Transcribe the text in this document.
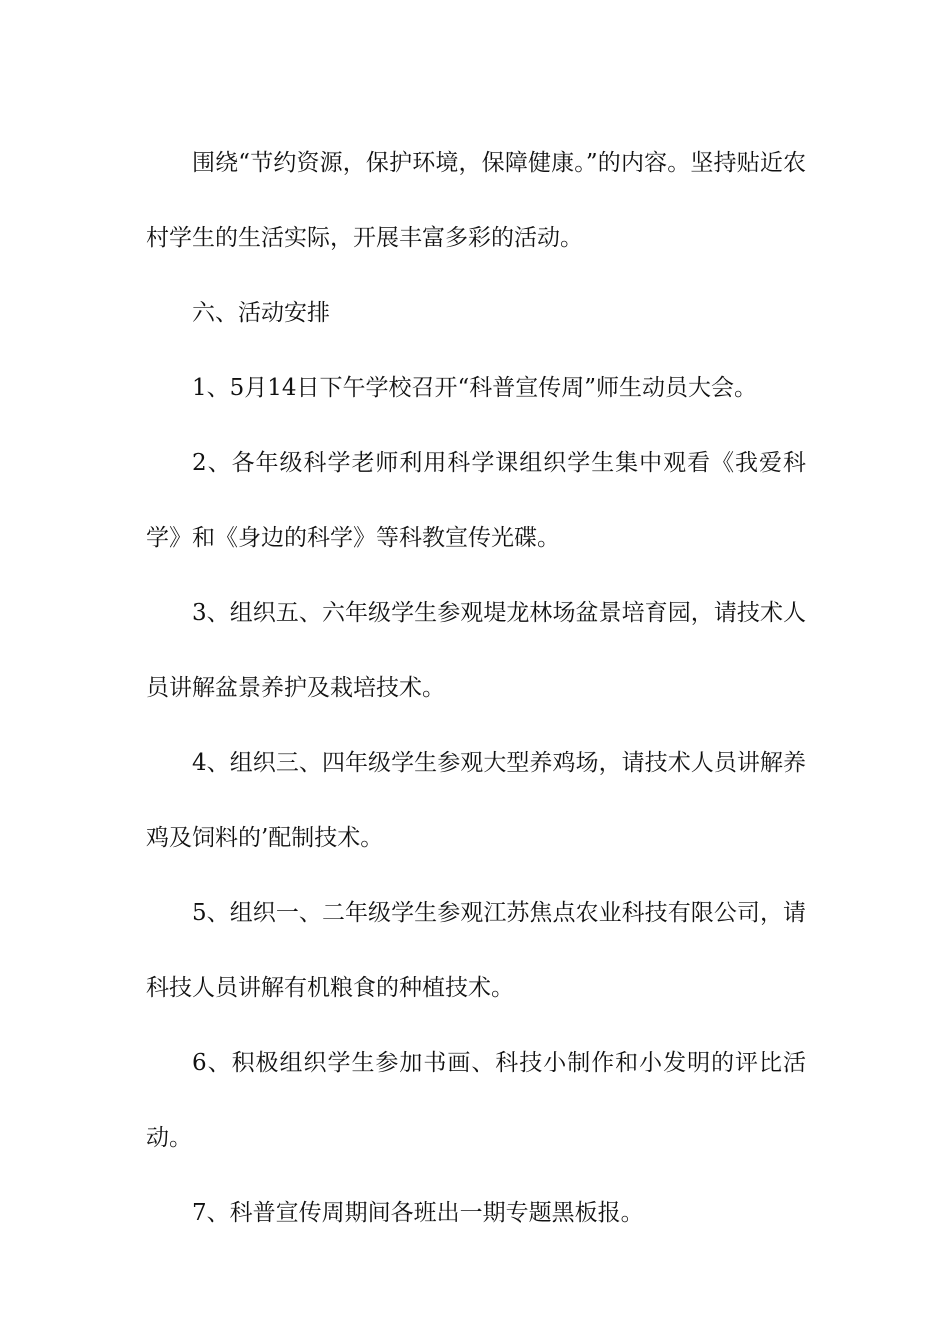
围绕“节约资源，保护环境，保障健康。”的内容。坚持贴近农村学生的生活实际，开展丰富多彩的活动。

六、活动安排

1、5月14日下午学校召开“科普宣传周”师生动员大会。

2、各年级科学老师利用科学课组织学生集中观看《我爱科学》和《身边的科学》等科教宣传光碟。

3、组织五、六年级学生参观堤龙林场盆景培育园，请技术人员讲解盆景养护及栽培技术。

4、组织三、四年级学生参观大型养鸡场，请技术人员讲解养鸡及饲料的’配制技术。

5、组织一、二年级学生参观江苏焦点农业科技有限公司，请科技人员讲解有机粮食的种植技术。

6、积极组织学生参加书画、科技小制作和小发明的评比活动。

7、科普宣传周期间各班出一期专题黑板报。
